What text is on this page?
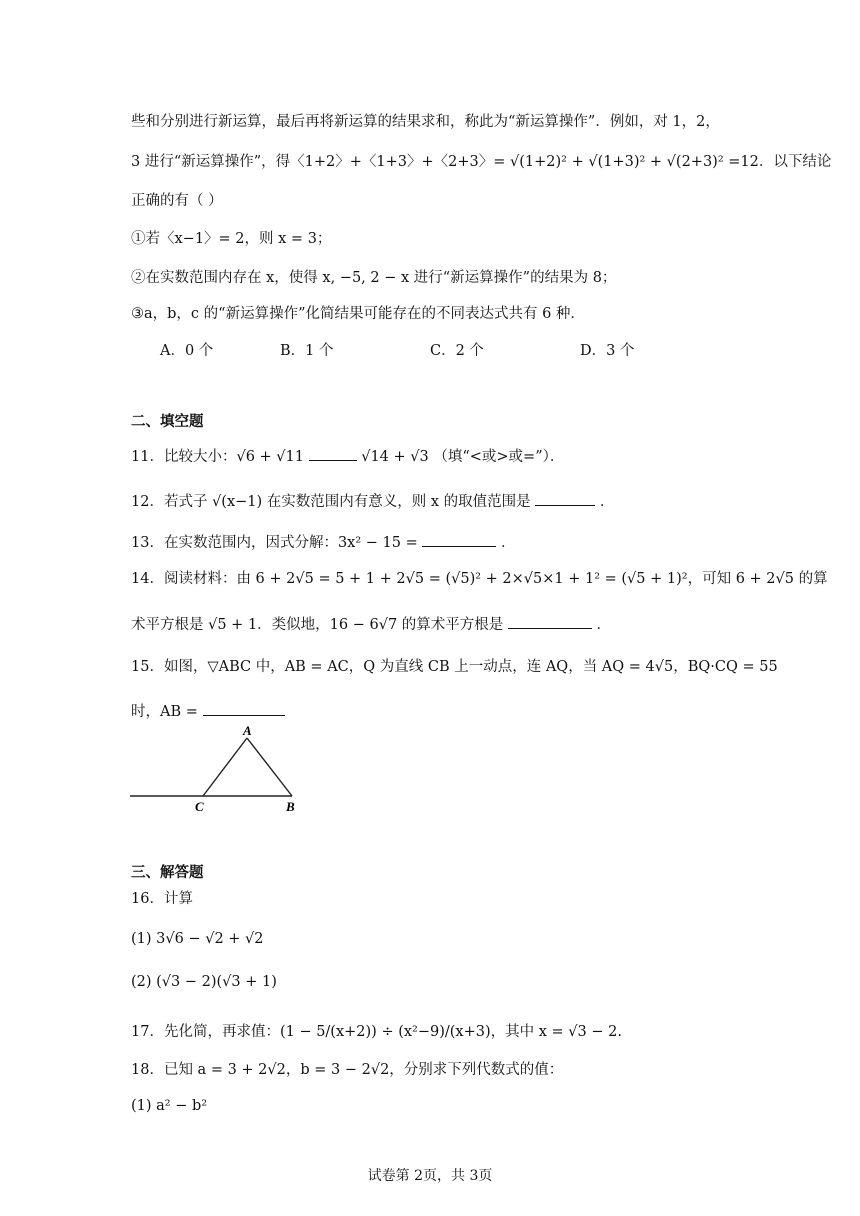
些和分别进行新运算，最后再将新运算的结果求和，称此为“新运算操作”．例如，对 1，2，
3 进行“新运算操作”，得〈1+2〉+〈1+3〉+〈2+3〉= √(1+2)² + √(1+3)² + √(2+3)² =12．以下结论
正确的有（ ）
①若〈x−1〉= 2，则 x = 3；
②在实数范围内存在 x，使得 x, −5, 2 − x 进行“新运算操作”的结果为 8；
③a，b，c 的“新运算操作”化简结果可能存在的不同表达式共有 6 种．
A．0 个	B．1 个	C．2 个	D．3 个
二、填空题
11．比较大小：√6 + √11	√14 + √3 （填“<或>或=”）．
12．若式子 √(x−1) 在实数范围内有意义，则 x 的取值范围是	．
13．在实数范围内，因式分解：3x² − 15 =	．
14．阅读材料：由 6 + 2√5 = 5 + 1 + 2√5 = (√5)² + 2×√5×1 + 1² = (√5 + 1)²，可知 6 + 2√5 的算
术平方根是 √5 + 1．类似地，16 − 6√7 的算术平方根是	．
15．如图，▽ABC 中，AB = AC，Q 为直线 CB 上一动点，连 AQ，当 AQ = 4√5，BQ·CQ = 55
时，AB =
A
C	B
三、解答题
16．计算
(1) 3√6 − √2 + √2
(2) (√3 − 2)(√3 + 1)
17．先化简，再求值：(1 − 5/(x+2)) ÷ (x²−9)/(x+3)，其中 x = √3 − 2.
18．已知 a = 3 + 2√2，b = 3 − 2√2，分别求下列代数式的值：
(1) a² − b²
试卷第 2页，共 3页
